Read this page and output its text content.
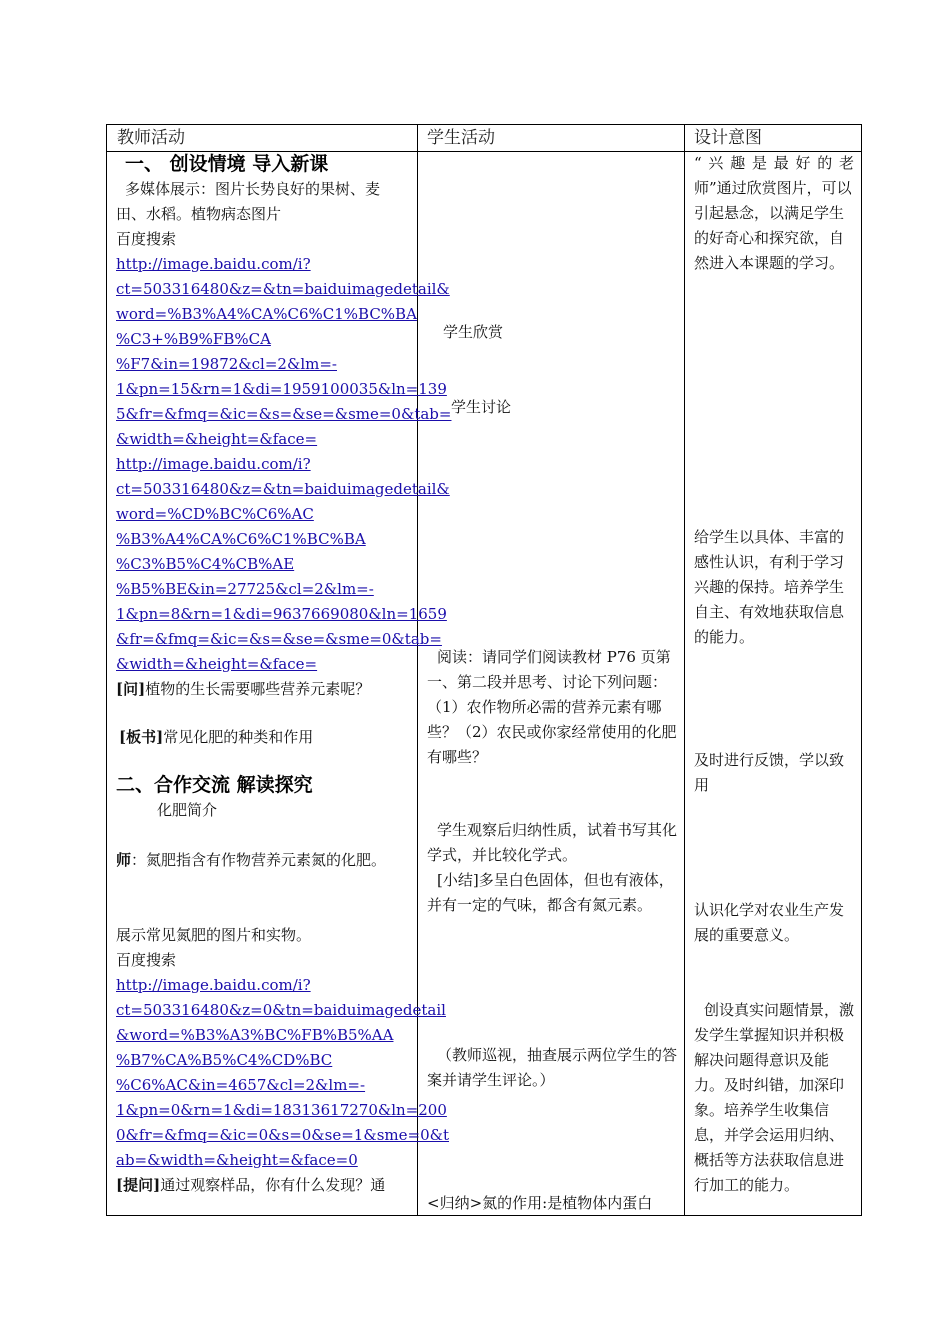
教师活动	学生活动	设计意图
一、 创设情境 导入新课
多媒体展示：图片长势良好的果树、麦
田、水稻。植物病态图片
百度搜索
http://image.baidu.com/i?
ct=503316480&z=&tn=baiduimagedetail&
word=%B3%A4%CA%C6%C1%BC%BA
%C3+%B9%FB%CA
%F7&in=19872&cl=2&lm=-
1&pn=15&rn=1&di=1959100035&ln=139
5&fr=&fmq=&ic=&s=&se=&sme=0&tab=
&width=&height=&face=
http://image.baidu.com/i?
ct=503316480&z=&tn=baiduimagedetail&
word=%CD%BC%C6%AC
%B3%A4%CA%C6%C1%BC%BA
%C3%B5%C4%CB%AE
%B5%BE&in=27725&cl=2&lm=-
1&pn=8&rn=1&di=9637669080&ln=1659
&fr=&fmq=&ic=&s=&se=&sme=0&tab=
&width=&height=&face=
[问]植物的生长需要哪些营养元素呢？
[板书]常见化肥的种类和作用
二、合作交流 解读探究
化肥简介
师：氮肥指含有作物营养元素氮的化肥。
展示常见氮肥的图片和实物。
百度搜索
http://image.baidu.com/i?
ct=503316480&z=0&tn=baiduimagedetail
&word=%B3%A3%BC%FB%B5%AA
%B7%CA%B5%C4%CD%BC
%C6%AC&in=4657&cl=2&lm=-
1&pn=0&rn=1&di=18313617270&ln=200
0&fr=&fmq=&ic=0&s=0&se=1&sme=0&t
ab=&width=&height=&face=0
[提问]通过观察样品，你有什么发现？通
学生欣赏
学生讨论
阅读：请同学们阅读教材 P76 页第一、第二段并思考、讨论下列问题：（1）农作物所必需的营养元素有哪些？（2）农民或你家经常使用的化肥有哪些？
学生观察后归纳性质，试着书写其化学式，并比较化学式。
[小结]多呈白色固体，但也有液体，并有一定的气味，都含有氮元素。
（教师巡视，抽查展示两位学生的答案并请学生评论。）
<归纳>氮的作用:是植物体内蛋白
“兴趣是最好的老
师”通过欣赏图片，可以引起悬念，以满足学生的好奇心和探究欲，自然进入本课题的学习。
给学生以具体、丰富的感性认识，有利于学习兴趣的保持。培养学生自主、有效地获取信息的能力。
及时进行反馈，学以致用
认识化学对农业生产发展的重要意义。
创设真实问题情景，激发学生掌握知识并积极解决问题得意识及能力。及时纠错，加深印象。培养学生收集信息，并学会运用归纳、概括等方法获取信息进行加工的能力。
